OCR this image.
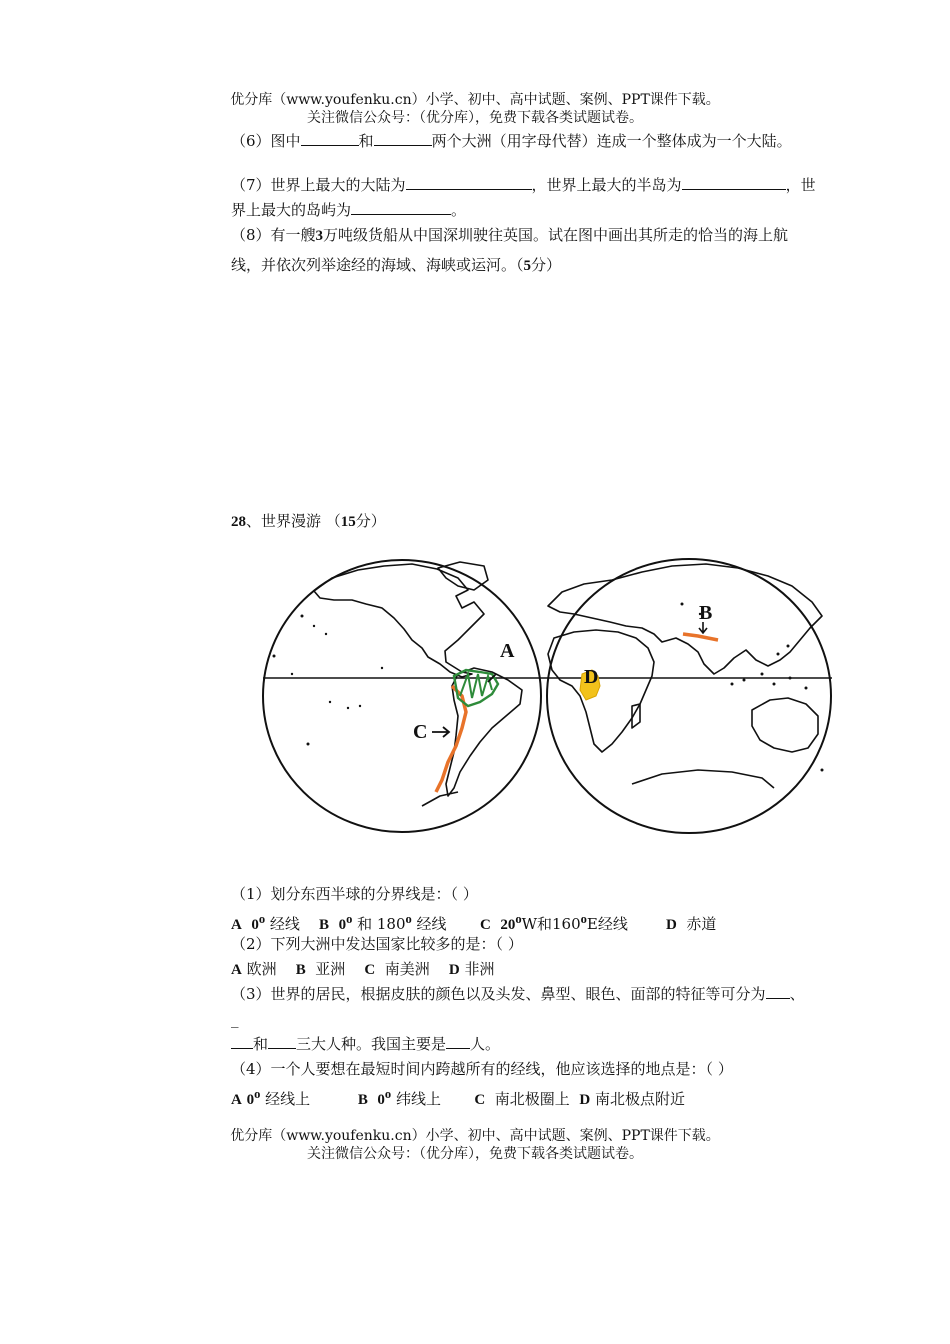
优分库（www.youfenku.cn）小学、初中、高中试题、案例、PPT课件下载。
关注微信公众号：（优分库），免费下载各类试题试卷。
（6）图中	和	两个大洲（用字母代替）连成一个整体成为一个大陆。
（7）世界上最大的大陆为	，世界上最大的半岛为	，世
界上最大的岛屿为	。
（8）有一艘3万吨级货船从中国深圳驶往英国。试在图中画出其所走的恰当的海上航
线，并依次列举途经的海域、海峡或运河。（5分）
28、世界漫游 （15分）
A
B
C
D
（1）划分东西半球的分界线是：（ ）
A 0$^o$ 经线 B 0$^o$ 和 180$^o$ 经线 C 20$^o$W和160$^o$E经线	D 赤道
（2）下列大洲中发达国家比较多的是：（ ）
A 欧洲 B 亚洲 C 南美洲 D 非洲
（3）世界的居民，根据皮肤的颜色以及头发、鼻型、眼色、面部的特征等可分为 、
_
和 三大人种。我国主要是 人。
（4）一个人要想在最短时间内跨越所有的经线，他应该选择的地点是：（ ）
A 0$^o$ 经线上	B 0$^o$ 纬线上 C 南北极圈上 D 南北极点附近
优分库（www.youfenku.cn）小学、初中、高中试题、案例、PPT课件下载。
关注微信公众号：（优分库），免费下载各类试题试卷。
